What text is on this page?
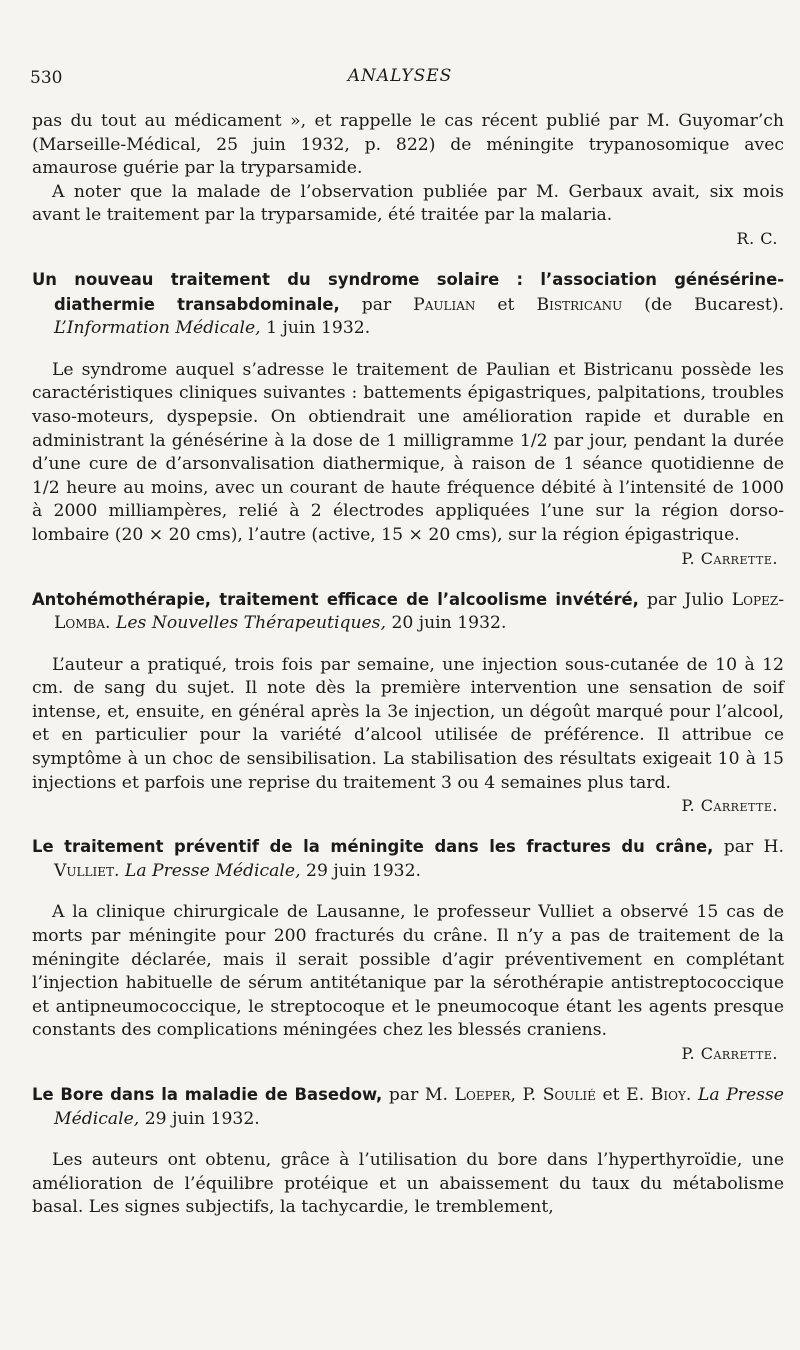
530	ANALYSES

pas du tout au médicament », et rappelle le cas récent publié par M. Guyomar’ch (Marseille-Médical, 25 juin 1932, p. 822) de méningite trypanosomique avec amaurose guérie par la tryparsamide.

A noter que la malade de l’observation publiée par M. Gerbaux avait, six mois avant le traitement par la tryparsamide, été traitée par la malaria.

R. C.

Un nouveau traitement du syndrome solaire : l’association génésérine-diathermie transabdominale, par Paulian et Bistricanu (de Bucarest). L’Information Médicale, 1 juin 1932.

Le syndrome auquel s’adresse le traitement de Paulian et Bistricanu possède les caractéristiques cliniques suivantes : battements épigastriques, palpitations, troubles vaso-moteurs, dyspepsie. On obtiendrait une amélioration rapide et durable en administrant la génésérine à la dose de 1 milligramme 1/2 par jour, pendant la durée d’une cure de d’arsonvalisation diathermique, à raison de 1 séance quotidienne de 1/2 heure au moins, avec un courant de haute fréquence débité à l’intensité de 1000 à 2000 milliampères, relié à 2 électrodes appliquées l’une sur la région dorso-lombaire (20 × 20 cms), l’autre (active, 15 × 20 cms), sur la région épigastrique.

P. Carrette.

Antohémothérapie, traitement efficace de l’alcoolisme invétéré, par Julio Lopez-Lomba. Les Nouvelles Thérapeutiques, 20 juin 1932.

L’auteur a pratiqué, trois fois par semaine, une injection sous-cutanée de 10 à 12 cm. de sang du sujet. Il note dès la première intervention une sensation de soif intense, et, ensuite, en général après la 3e injection, un dégoût marqué pour l’alcool, et en particulier pour la variété d’alcool utilisée de préférence. Il attribue ce symptôme à un choc de sensibilisation. La stabilisation des résultats exigeait 10 à 15 injections et parfois une reprise du traitement 3 ou 4 semaines plus tard.

P. Carrette.

Le traitement préventif de la méningite dans les fractures du crâne, par H. Vulliet. La Presse Médicale, 29 juin 1932.

A la clinique chirurgicale de Lausanne, le professeur Vulliet a observé 15 cas de morts par méningite pour 200 fracturés du crâne. Il n’y a pas de traitement de la méningite déclarée, mais il serait possible d’agir préventivement en complétant l’injection habituelle de sérum antitétanique par la sérothérapie antistreptococcique et antipneumococcique, le streptocoque et le pneumocoque étant les agents presque constants des complications méningées chez les blessés craniens.

P. Carrette.

Le Bore dans la maladie de Basedow, par M. Loeper, P. Soulié et E. Bioy. La Presse Médicale, 29 juin 1932.

Les auteurs ont obtenu, grâce à l’utilisation du bore dans l’hyperthyroïdie, une amélioration de l’équilibre protéique et un abaissement du taux du métabolisme basal. Les signes subjectifs, la tachycardie, le tremblement,
